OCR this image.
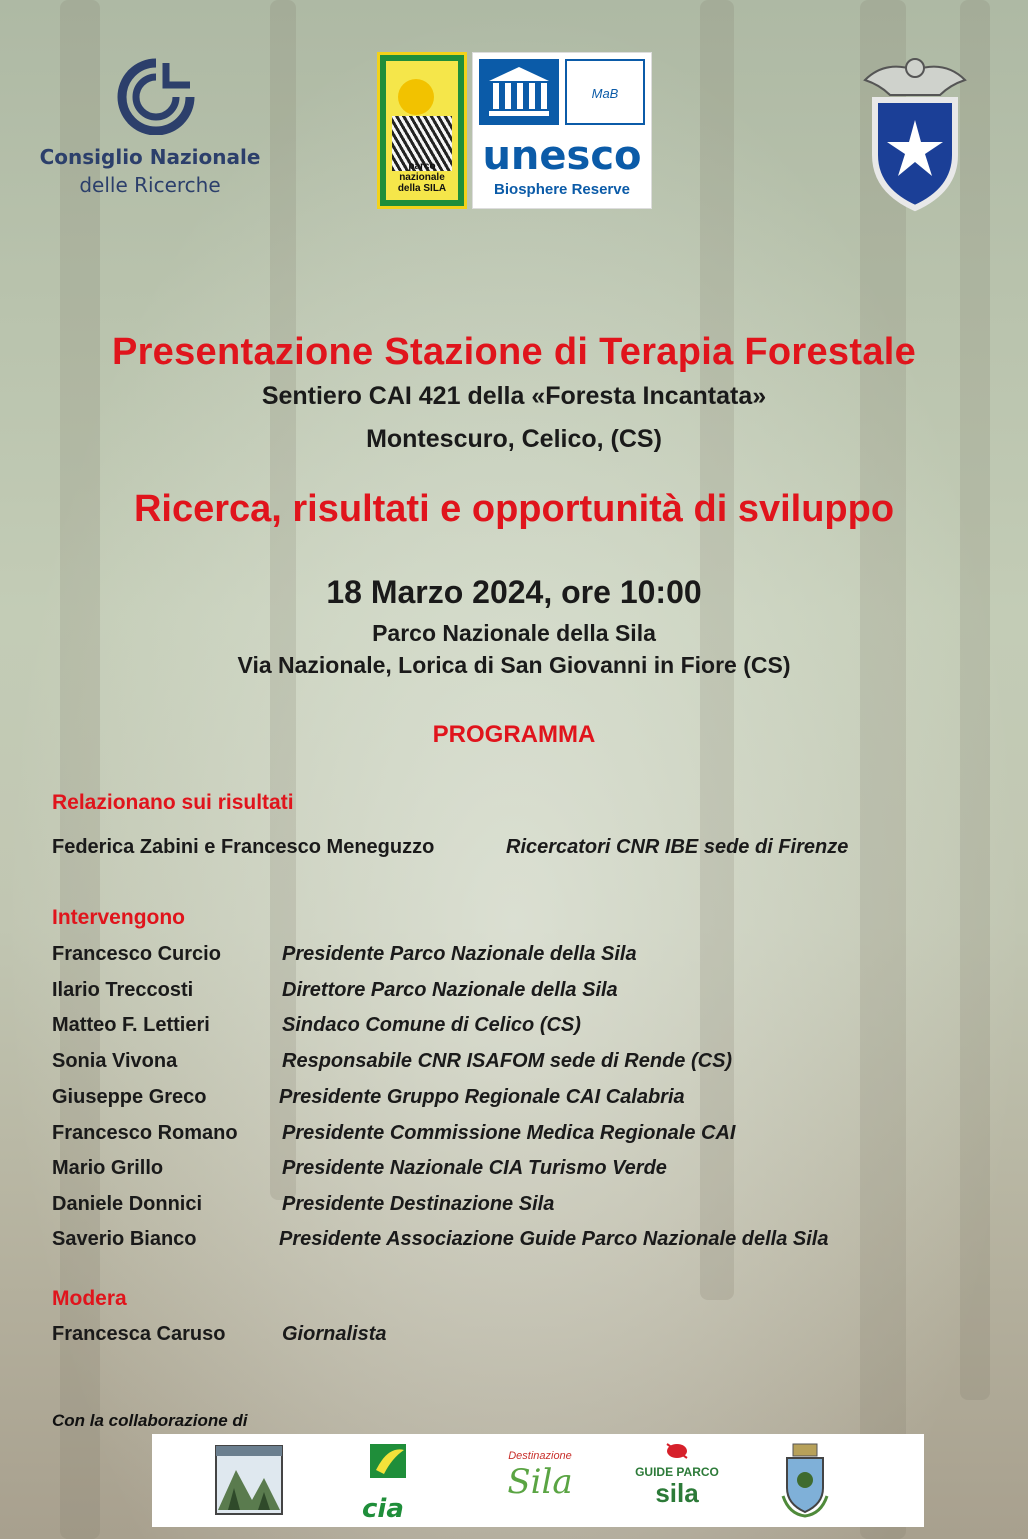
Consiglio Nazionale
delle Ricerche
parco
nazionale
della SILA
MaB
unesco
Biosphere Reserve
Presentazione Stazione di Terapia Forestale
Sentiero CAI 421 della «Foresta Incantata»
Montescuro, Celico, (CS)
Ricerca, risultati e opportunità di sviluppo
18 Marzo 2024, ore 10:00
Parco Nazionale della Sila
Via Nazionale, Lorica di San Giovanni in Fiore (CS)
PROGRAMMA
Relazionano sui risultati
Federica Zabini e Francesco Meneguzzo	Ricercatori CNR IBE sede di Firenze
Intervengono
Francesco Curcio	Presidente Parco Nazionale della Sila
Ilario Treccosti	Direttore Parco Nazionale della Sila
Matteo F. Lettieri	Sindaco Comune di Celico (CS)
Sonia Vivona	Responsabile CNR ISAFOM sede di Rende (CS)
Giuseppe Greco	Presidente Gruppo Regionale CAI Calabria
Francesco Romano Presidente Commissione Medica Regionale CAI
Mario Grillo	Presidente Nazionale CIA Turismo Verde
Daniele Donnici	Presidente Destinazione Sila
Saverio Bianco	Presidente Associazione Guide Parco Nazionale della Sila
Modera
Francesca Caruso	Giornalista
Con la collaborazione di
cia
Destinazione
Sila	GUIDE PARCO
sila
